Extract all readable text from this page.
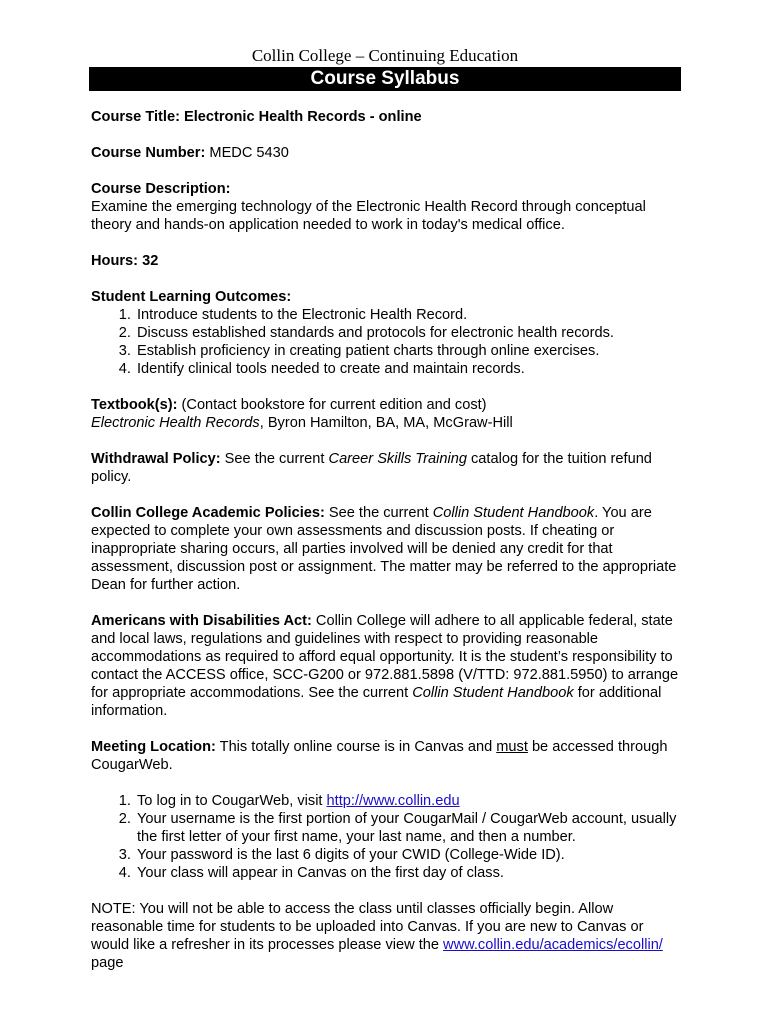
Collin College – Continuing Education
Course Syllabus

Course Title: Electronic Health Records - online

Course Number: MEDC 5430

Course Description:
Examine the emerging technology of the Electronic Health Record through conceptual theory and hands-on application needed to work in today's medical office.

Hours: 32

Student Learning Outcomes:
1. Introduce students to the Electronic Health Record.
2. Discuss established standards and protocols for electronic health records.
3. Establish proficiency in creating patient charts through online exercises.
4. Identify clinical tools needed to create and maintain records.

Textbook(s): (Contact bookstore for current edition and cost)
Electronic Health Records, Byron Hamilton, BA, MA, McGraw-Hill

Withdrawal Policy: See the current Career Skills Training catalog for the tuition refund policy.

Collin College Academic Policies: See the current Collin Student Handbook. You are expected to complete your own assessments and discussion posts. If cheating or inappropriate sharing occurs, all parties involved will be denied any credit for that assessment, discussion post or assignment. The matter may be referred to the appropriate Dean for further action.

Americans with Disabilities Act: Collin College will adhere to all applicable federal, state and local laws, regulations and guidelines with respect to providing reasonable accommodations as required to afford equal opportunity. It is the student’s responsibility to contact the ACCESS office, SCC-G200 or 972.881.5898 (V/TTD: 972.881.5950) to arrange for appropriate accommodations. See the current Collin Student Handbook for additional information.

Meeting Location: This totally online course is in Canvas and must be accessed through CougarWeb.

1. To log in to CougarWeb, visit http://www.collin.edu
2. Your username is the first portion of your CougarMail / CougarWeb account, usually the first letter of your first name, your last name, and then a number.
3. Your password is the last 6 digits of your CWID (College-Wide ID).
4. Your class will appear in Canvas on the first day of class.

NOTE: You will not be able to access the class until classes officially begin. Allow reasonable time for students to be uploaded into Canvas. If you are new to Canvas or would like a refresher in its processes please view the www.collin.edu/academics/ecollin/ page
